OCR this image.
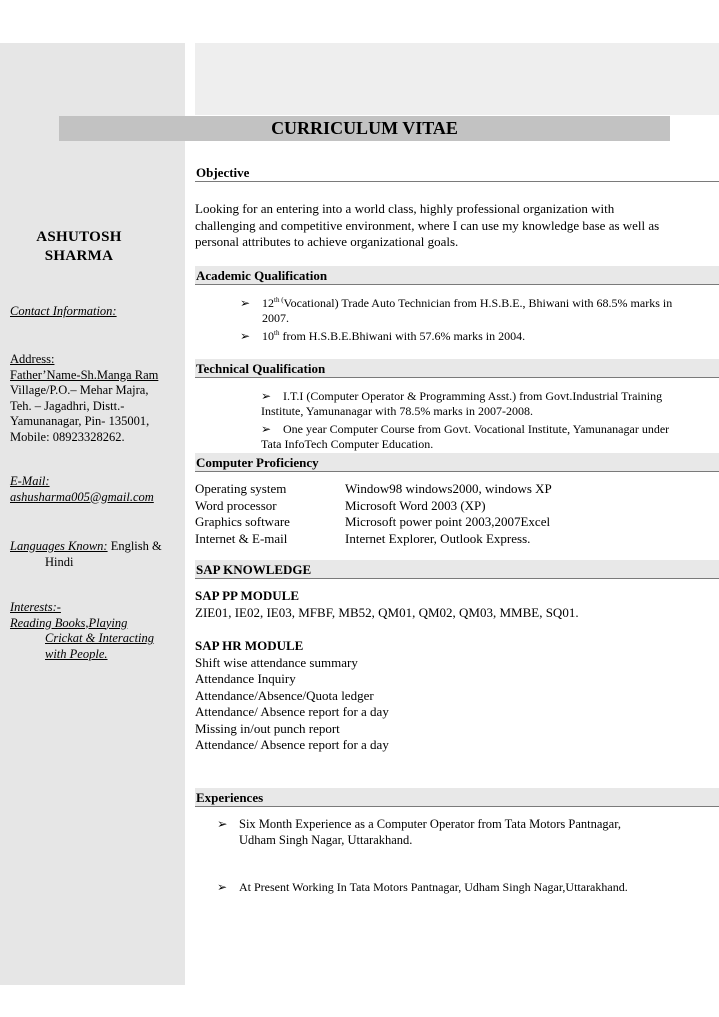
CURRICULUM VITAE
ASHUTOSH
SHARMA
Contact Information:
Address:
Father’Name-Sh.Manga Ram
Village/P.O.– Mehar Majra,
Teh. – Jagadhri, Distt.-
Yamunanagar, Pin- 135001,
Mobile: 08923328262.
E-Mail:
ashusharma005@gmail.com
Languages Known: English &
Hindi
Interests:-
Reading Books,Playing
Crickat & Interacting
with People.
Objective
Looking for an entering into a world class, highly professional organization with
challenging and competitive environment, where I can use my knowledge base as well as
personal attributes to achieve organizational goals.
Academic Qualification
➢ $12^{th (}Vocational$) Trade Auto Technician from H.S.B.E., Bhiwani with 68.5% marks in
2007.
➢ 10th from H.S.B.E.Bhiwani with 57.6% marks in 2004.
Technical Qualification
➢ I.T.I (Computer Operator & Programming Asst.) from Govt.Industrial Training
Institute, Yamunanagar with 78.5% marks in 2007-2008.
➢ One year Computer Course from Govt. Vocational Institute, Yamunanagar under
Tata InfoTech Computer Education.
Computer Proficiency
Operating system	Window98 windows2000, windows XP
Word processor	Microsoft Word 2003 (XP)
Graphics software	Microsoft power point 2003,2007Excel
Internet & E-mail	Internet Explorer, Outlook Express.
SAP KNOWLEDGE
SAP PP MODULE
ZIE01, IE02, IE03, MFBF, MB52, QM01, QM02, QM03, MMBE, SQ01.
SAP HR MODULE
Shift wise attendance summary
Attendance Inquiry
Attendance/Absence/Quota ledger
Attendance/ Absence report for a day
Missing in/out punch report
Attendance/ Absence report for a day
Experiences
➢ Six Month Experience as a Computer Operator from Tata Motors Pantnagar,
Udham Singh Nagar, Uttarakhand.
➢ At Present Working In Tata Motors Pantnagar, Udham Singh Nagar,Uttarakhand.
